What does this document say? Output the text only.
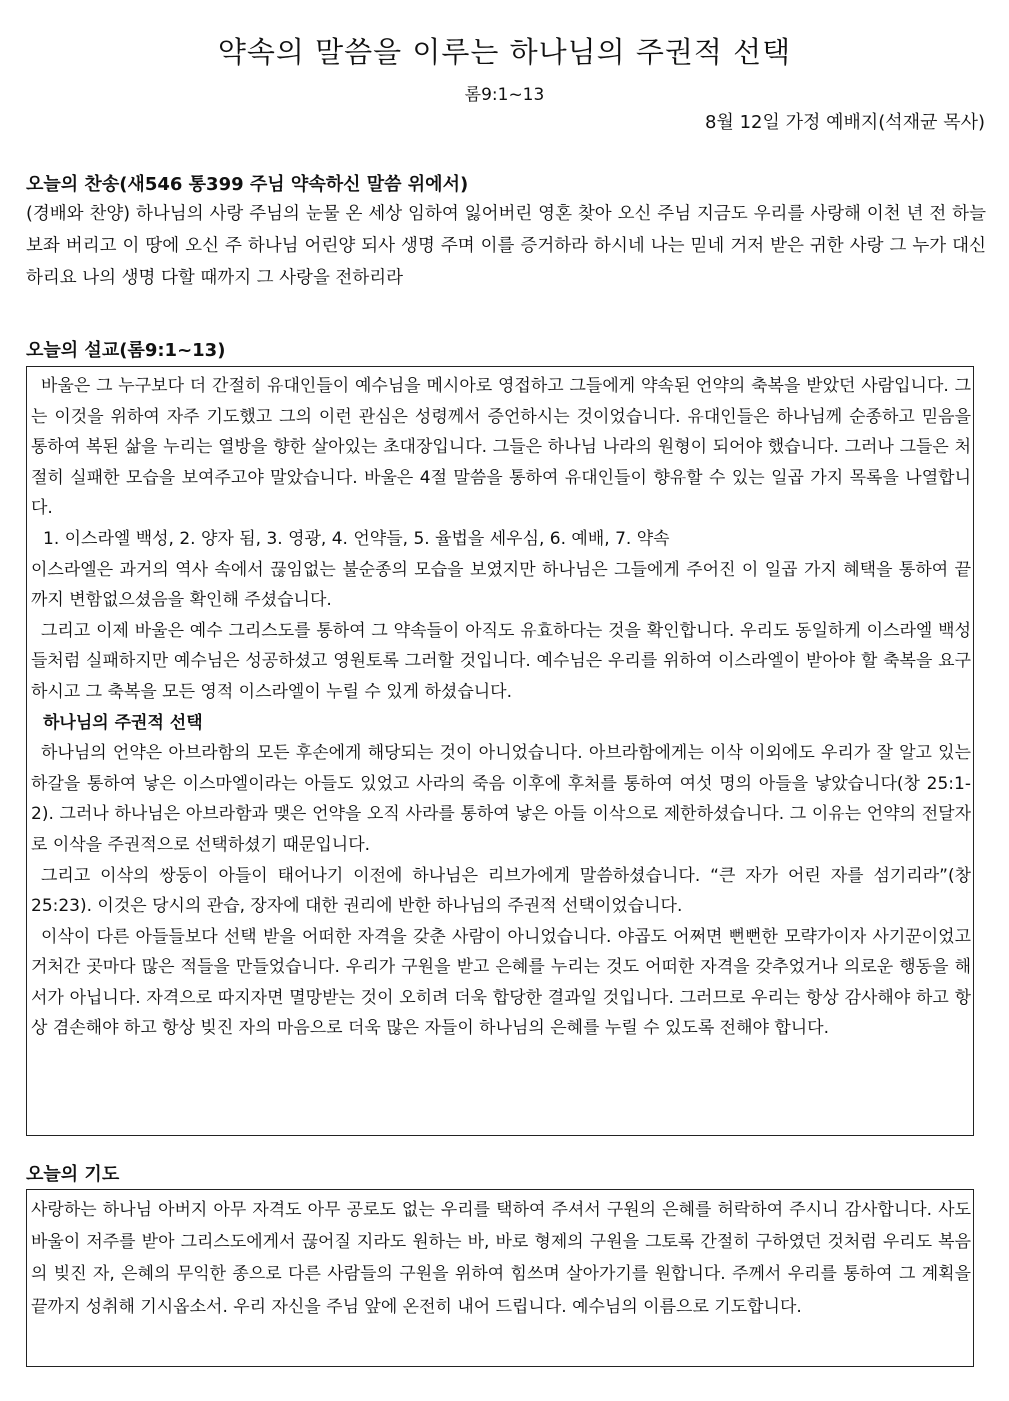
약속의 말씀을 이루는 하나님의 주권적 선택
롬9:1~13
8월 12일 가정 예배지(석재균 목사)
오늘의 찬송(새546 통399 주님 약속하신 말씀 위에서)

(경배와 찬양) 하나님의 사랑 주님의 눈물 온 세상 임하여 잃어버린 영혼 찾아 오신 주님 지금도 우리를 사랑해 이천 년 전 하늘 보좌 버리고 이 땅에 오신 주 하나님 어린양 되사 생명 주며 이를 증거하라 하시네 나는 믿네 거저 받은 귀한 사랑 그 누가 대신하리요 나의 생명 다할 때까지 그 사랑을 전하리라

오늘의 설교(롬9:1~13)

바울은 그 누구보다 더 간절히 유대인들이 예수님을 메시아로 영접하고 그들에게 약속된 언약의 축복을 받았던 사람입니다. 그는 이것을 위하여 자주 기도했고 그의 이런 관심은 성령께서 증언하시는 것이었습니다. 유대인들은 하나님께 순종하고 믿음을 통하여 복된 삶을 누리는 열방을 향한 살아있는 초대장입니다. 그들은 하나님 나라의 원형이 되어야 했습니다. 그러나 그들은 처절히 실패한 모습을 보여주고야 말았습니다. 바울은 4절 말씀을 통하여 유대인들이 향유할 수 있는 일곱 가지 목록을 나열합니다.

1. 이스라엘 백성, 2. 양자 됨, 3. 영광, 4. 언약들, 5. 율법을 세우심, 6. 예배, 7. 약속

이스라엘은 과거의 역사 속에서 끊임없는 불순종의 모습을 보였지만 하나님은 그들에게 주어진 이 일곱 가지 혜택을 통하여 끝까지 변함없으셨음을 확인해 주셨습니다.

그리고 이제 바울은 예수 그리스도를 통하여 그 약속들이 아직도 유효하다는 것을 확인합니다. 우리도 동일하게 이스라엘 백성들처럼 실패하지만 예수님은 성공하셨고 영원토록 그러할 것입니다. 예수님은 우리를 위하여 이스라엘이 받아야 할 축복을 요구하시고 그 축복을 모든 영적 이스라엘이 누릴 수 있게 하셨습니다.

하나님의 주권적 선택

하나님의 언약은 아브라함의 모든 후손에게 해당되는 것이 아니었습니다. 아브라함에게는 이삭 이외에도 우리가 잘 알고 있는 하갈을 통하여 낳은 이스마엘이라는 아들도 있었고 사라의 죽음 이후에 후처를 통하여 여섯 명의 아들을 낳았습니다(창 25:1-2). 그러나 하나님은 아브라함과 맺은 언약을 오직 사라를 통하여 낳은 아들 이삭으로 제한하셨습니다. 그 이유는 언약의 전달자로 이삭을 주권적으로 선택하셨기 때문입니다.

그리고 이삭의 쌍둥이 아들이 태어나기 이전에 하나님은 리브가에게 말씀하셨습니다. “큰 자가 어린 자를 섬기리라”(창 25:23). 이것은 당시의 관습, 장자에 대한 권리에 반한 하나님의 주권적 선택이었습니다.

이삭이 다른 아들들보다 선택 받을 어떠한 자격을 갖춘 사람이 아니었습니다. 야곱도 어쩌면 뻔뻔한 모략가이자 사기꾼이었고 거처간 곳마다 많은 적들을 만들었습니다. 우리가 구원을 받고 은혜를 누리는 것도 어떠한 자격을 갖추었거나 의로운 행동을 해서가 아닙니다. 자격으로 따지자면 멸망받는 것이 오히려 더욱 합당한 결과일 것입니다. 그러므로 우리는 항상 감사해야 하고 항상 겸손해야 하고 항상 빚진 자의 마음으로 더욱 많은 자들이 하나님의 은혜를 누릴 수 있도록 전해야 합니다.

오늘의 기도

사랑하는 하나님 아버지 아무 자격도 아무 공로도 없는 우리를 택하여 주셔서 구원의 은혜를 허락하여 주시니 감사합니다. 사도 바울이 저주를 받아 그리스도에게서 끊어질 지라도 원하는 바, 바로 형제의 구원을 그토록 간절히 구하였던 것처럼 우리도 복음의 빚진 자, 은혜의 무익한 종으로 다른 사람들의 구원을 위하여 힘쓰며 살아가기를 원합니다. 주께서 우리를 통하여 그 계획을 끝까지 성취해 기시옵소서. 우리 자신을 주님 앞에 온전히 내어 드립니다. 예수님의 이름으로 기도합니다.
